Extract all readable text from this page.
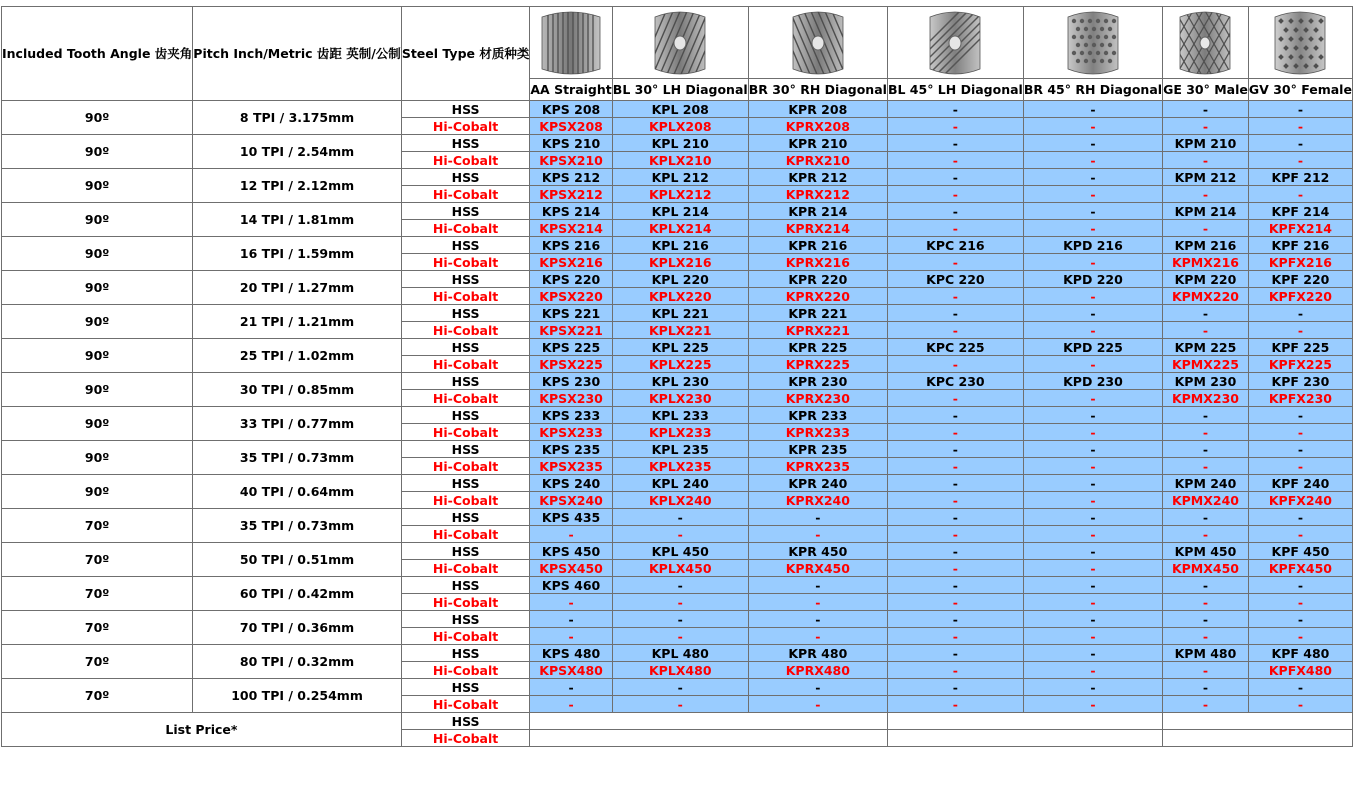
Included Tooth Angle 齿夹角	Pitch Inch/Metric 齿距 英制/公制	Steel Type 材质种类	

			AA Straight	BL 30° LH Diagonal	BR 30° RH Diagonal	BL 45° LH Diagonal	BR 45° RH Diagonal	GE 30° Male	GV 30° Female
90º	8 TPI / 3.175mm	HSS	KPS 208	KPL 208	KPR 208	-	-	-	-
		Hi-Cobalt	KPSX208	KPLX208	KPRX208	-	-	-	-
90º	10 TPI / 2.54mm	HSS	KPS 210	KPL 210	KPR 210	-	-	KPM 210	-
		Hi-Cobalt	KPSX210	KPLX210	KPRX210	-	-	-	-
90º	12 TPI / 2.12mm	HSS	KPS 212	KPL 212	KPR 212	-	-	KPM 212	KPF 212
		Hi-Cobalt	KPSX212	KPLX212	KPRX212	-	-	-	-
90º	14 TPI / 1.81mm	HSS	KPS 214	KPL 214	KPR 214	-	-	KPM 214	KPF 214
		Hi-Cobalt	KPSX214	KPLX214	KPRX214	-	-	-	KPFX214
90º	16 TPI / 1.59mm	HSS	KPS 216	KPL 216	KPR 216	KPC 216	KPD 216	KPM 216	KPF 216
		Hi-Cobalt	KPSX216	KPLX216	KPRX216	-	-	KPMX216	KPFX216
90º	20 TPI / 1.27mm	HSS	KPS 220	KPL 220	KPR 220	KPC 220	KPD 220	KPM 220	KPF 220
		Hi-Cobalt	KPSX220	KPLX220	KPRX220	-	-	KPMX220	KPFX220
90º	21 TPI / 1.21mm	HSS	KPS 221	KPL 221	KPR 221	-	-	-	-
		Hi-Cobalt	KPSX221	KPLX221	KPRX221	-	-	-	-
90º	25 TPI / 1.02mm	HSS	KPS 225	KPL 225	KPR 225	KPC 225	KPD 225	KPM 225	KPF 225
		Hi-Cobalt	KPSX225	KPLX225	KPRX225	-	-	KPMX225	KPFX225
90º	30 TPI / 0.85mm	HSS	KPS 230	KPL 230	KPR 230	KPC 230	KPD 230	KPM 230	KPF 230
		Hi-Cobalt	KPSX230	KPLX230	KPRX230	-	-	KPMX230	KPFX230
90º	33 TPI / 0.77mm	HSS	KPS 233	KPL 233	KPR 233	-	-	-	-
		Hi-Cobalt	KPSX233	KPLX233	KPRX233	-	-	-	-
90º	35 TPI / 0.73mm	HSS	KPS 235	KPL 235	KPR 235	-	-	-	-
		Hi-Cobalt	KPSX235	KPLX235	KPRX235	-	-	-	-
90º	40 TPI / 0.64mm	HSS	KPS 240	KPL 240	KPR 240	-	-	KPM 240	KPF 240
		Hi-Cobalt	KPSX240	KPLX240	KPRX240	-	-	KPMX240	KPFX240
70º	35 TPI / 0.73mm	HSS	KPS 435	-	-	-	-	-	-
		Hi-Cobalt	-	-	-	-	-	-	-
70º	50 TPI / 0.51mm	HSS	KPS 450	KPL 450	KPR 450	-	-	KPM 450	KPF 450
		Hi-Cobalt	KPSX450	KPLX450	KPRX450	-	-	KPMX450	KPFX450
70º	60 TPI / 0.42mm	HSS	KPS 460	-	-	-	-	-	-
		Hi-Cobalt	-	-	-	-	-	-	-
70º	70 TPI / 0.36mm	HSS	-	-	-	-	-	-	-
		Hi-Cobalt	-	-	-	-	-	-	-
70º	80 TPI / 0.32mm	HSS	KPS 480	KPL 480	KPR 480	-	-	KPM 480	KPF 480
		Hi-Cobalt	KPSX480	KPLX480	KPRX480	-	-	-	KPFX480
70º	100 TPI / 0.254mm	HSS	-	-	-	-	-	-	-
		Hi-Cobalt	-	-	-	-	-	-	-
List Price*		HSS							
		Hi-Cobalt							
